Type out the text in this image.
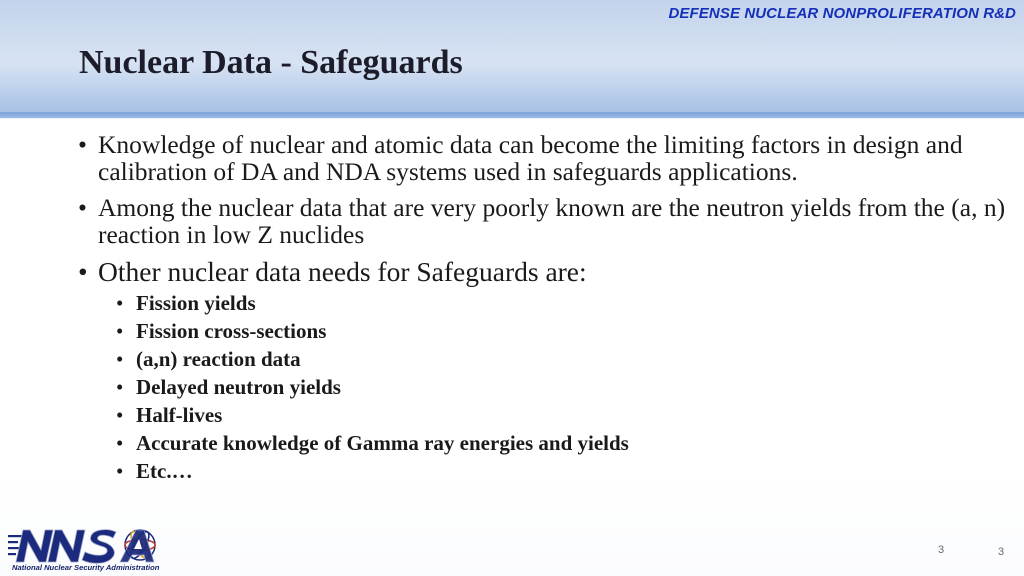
DEFENSE NUCLEAR NONPROLIFERATION R&D
Nuclear Data - Safeguards
• Knowledge of nuclear and atomic data can become the limiting factors in design and calibration of DA and NDA systems used in safeguards applications.
• Among the nuclear data that are very poorly known are the neutron yields from the (a, n) reaction in low Z nuclides
• Other nuclear data needs for Safeguards are:
• Fission yields
• Fission cross-sections
• (a,n) reaction data
• Delayed neutron yields
• Half-lives
• Accurate knowledge of Gamma ray energies and yields
• Etc.…
National Nuclear Security Administration
3	3
